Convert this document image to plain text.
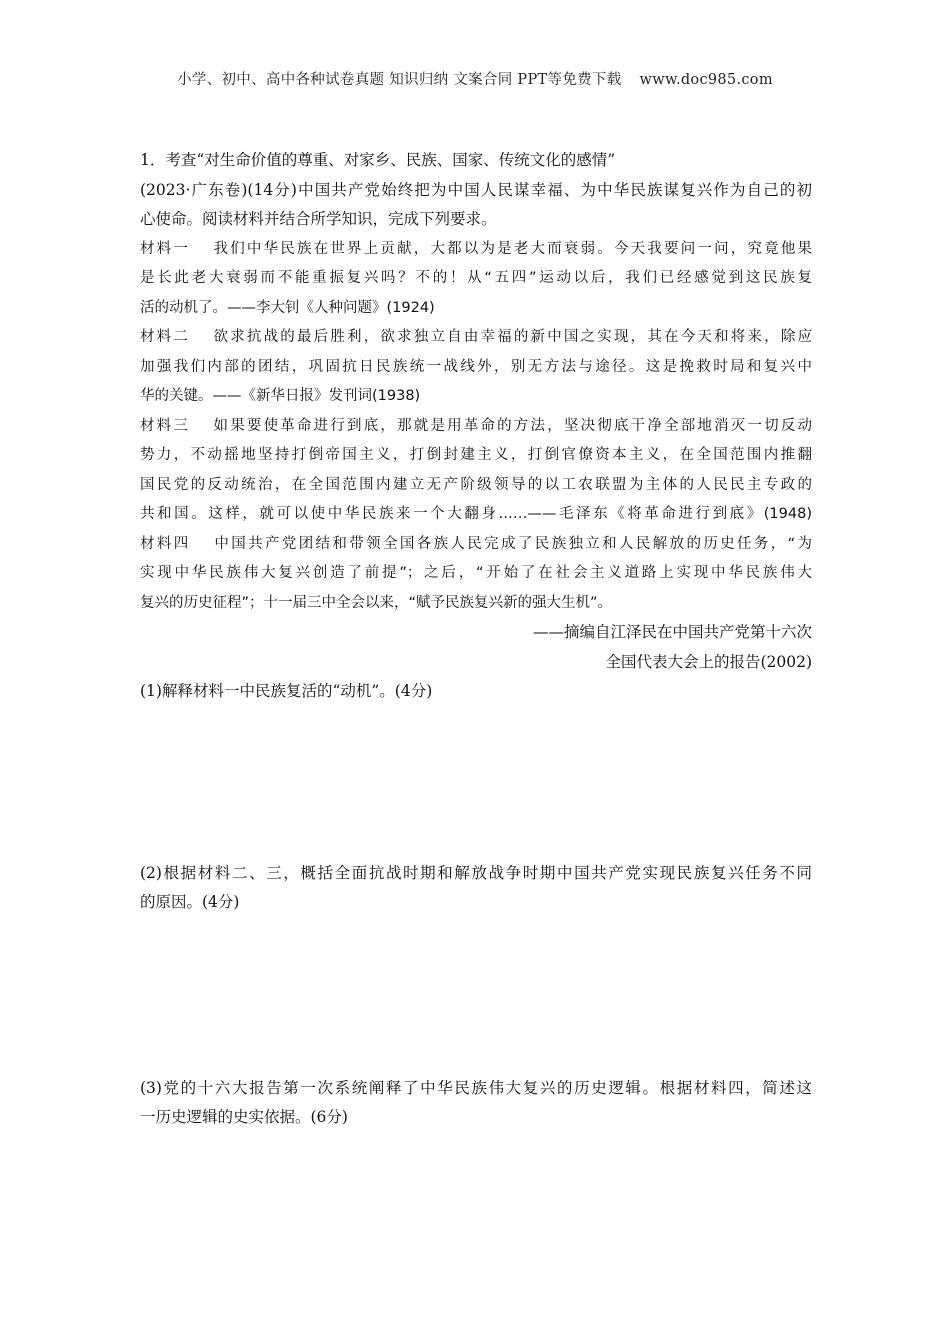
小学、初中、高中各种试卷真题 知识归纳 文案合同 PPT等免费下载 www.doc985.com
1．考查“对生命价值的尊重、对家乡、民族、国家、传统文化的感情”
(2023·广东卷)(14分)中国共产党始终把为中国人民谋幸福、为中华民族谋复兴作为自己的初
心使命。阅读材料并结合所学知识，完成下列要求。
材料一　 我们中华民族在世界上贡献，大都以为是老大而衰弱。今天我要问一问，究竟他果
是长此老大衰弱而不能重振复兴吗？不的！从“五四”运动以后，我们已经感觉到这民族复
活的动机了。——李大钊《人种问题》(1924)
材料二　 欲求抗战的最后胜利，欲求独立自由幸福的新中国之实现，其在今天和将来，除应
加强我们内部的团结，巩固抗日民族统一战线外，别无方法与途径。这是挽救时局和复兴中
华的关键。——《新华日报》发刊词(1938)
材料三　 如果要使革命进行到底，那就是用革命的方法，坚决彻底干净全部地消灭一切反动
势力，不动摇地坚持打倒帝国主义，打倒封建主义，打倒官僚资本主义，在全国范围内推翻
国民党的反动统治，在全国范围内建立无产阶级领导的以工农联盟为主体的人民民主专政的
共和国。这样，就可以使中华民族来一个大翻身……——毛泽东《将革命进行到底》(1948)
材料四　 中国共产党团结和带领全国各族人民完成了民族独立和人民解放的历史任务，“为
实现中华民族伟大复兴创造了前提”；之后，“开始了在社会主义道路上实现中华民族伟大
复兴的历史征程”；十一届三中全会以来，“赋予民族复兴新的强大生机”。
——摘编自江泽民在中国共产党第十六次
全国代表大会上的报告(2002)
(1)解释材料一中民族复活的“动机”。(4分)
(2)根据材料二、三，概括全面抗战时期和解放战争时期中国共产党实现民族复兴任务不同
的原因。(4分)
(3)党的十六大报告第一次系统阐释了中华民族伟大复兴的历史逻辑。根据材料四，简述这
一历史逻辑的史实依据。(6分)
